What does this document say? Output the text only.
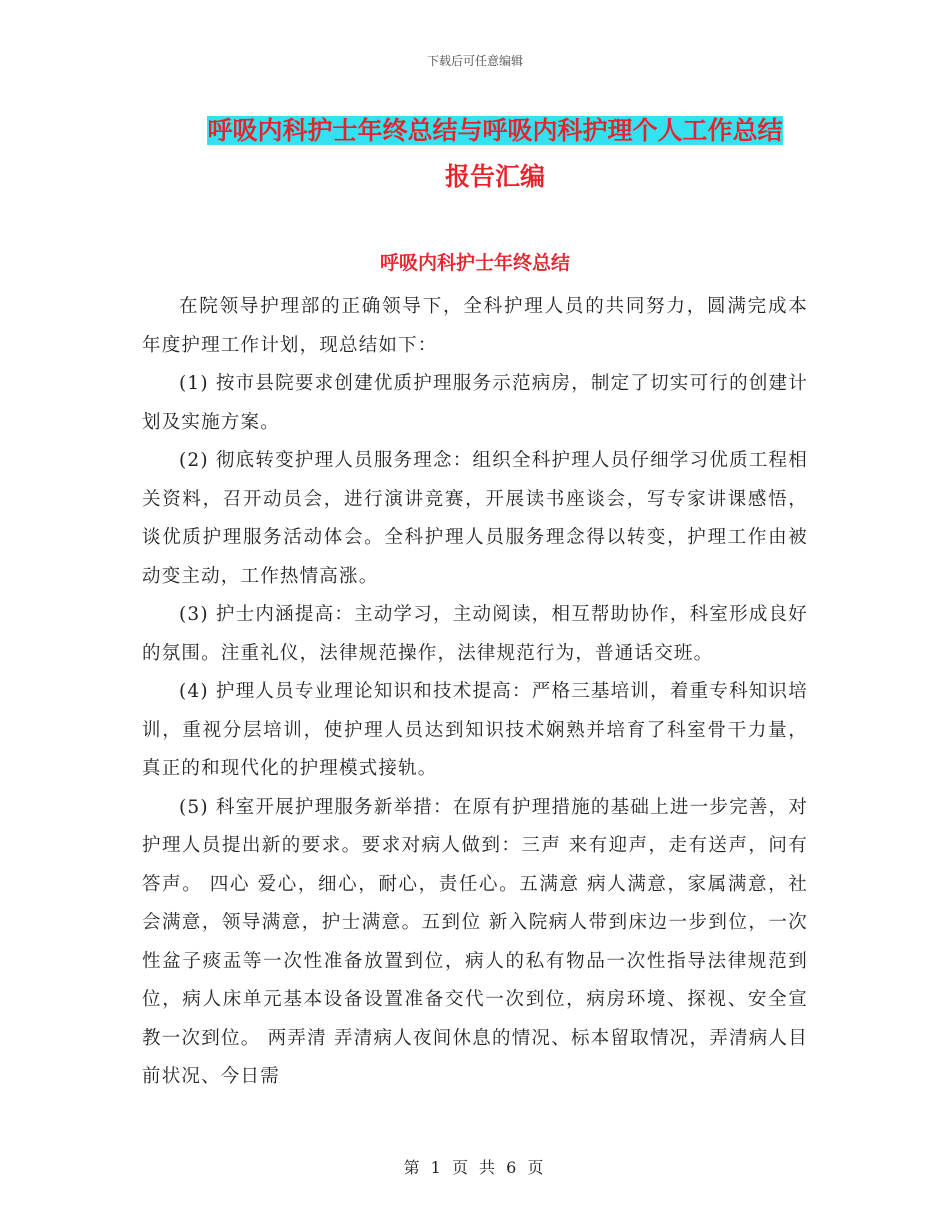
下载后可任意编辑
呼吸内科护士年终总结与呼吸内科护理个人工作总结
报告汇编
呼吸内科护士年终总结

在院领导护理部的正确领导下，全科护理人员的共同努力，圆满完成本年度护理工作计划，现总结如下：

(1) 按市县院要求创建优质护理服务示范病房，制定了切实可行的创建计划及实施方案。

(2) 彻底转变护理人员服务理念：组织全科护理人员仔细学习优质工程相关资料，召开动员会，进行演讲竞赛，开展读书座谈会，写专家讲课感悟，谈优质护理服务活动体会。全科护理人员服务理念得以转变，护理工作由被动变主动，工作热情高涨。

(3) 护士内涵提高：主动学习，主动阅读，相互帮助协作，科室形成良好的氛围。注重礼仪，法律规范操作，法律规范行为，普通话交班。

(4) 护理人员专业理论知识和技术提高：严格三基培训，着重专科知识培训，重视分层培训，使护理人员达到知识技术娴熟并培育了科室骨干力量，真正的和现代化的护理模式接轨。

(5) 科室开展护理服务新举措：在原有护理措施的基础上进一步完善，对护理人员提出新的要求。要求对病人做到：三声 来有迎声，走有送声，问有答声。 四心 爱心，细心，耐心，责任心。五满意 病人满意，家属满意，社会满意，领导满意，护士满意。五到位 新入院病人带到床边一步到位，一次性盆子痰盂等一次性准备放置到位，病人的私有物品一次性指导法律规范到位，病人床单元基本设备设置准备交代一次到位，病房环境、探视、安全宣教一次到位。 两弄清 弄清病人夜间休息的情况、标本留取情况，弄清病人目前状况、今日需

第 1 页 共 6 页
